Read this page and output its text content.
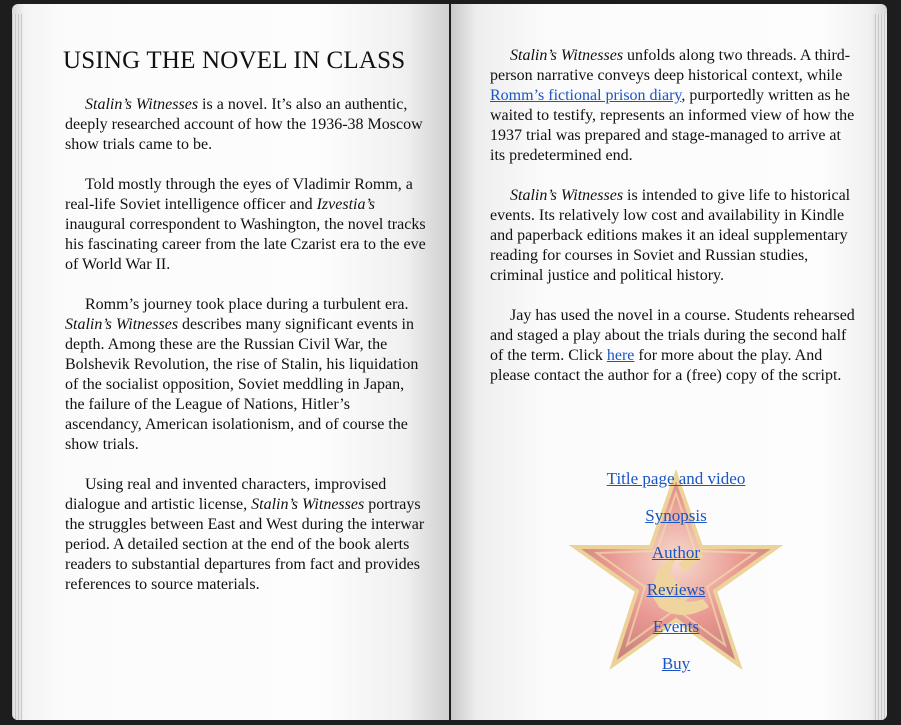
USING THE NOVEL IN CLASS

Stalin’s Witnesses is a novel. It’s also an authentic, deeply researched account of how the 1936-38 Moscow show trials came to be.

Told mostly through the eyes of Vladimir Romm, a real-life Soviet intelligence officer and Izvestia’s inaugural correspondent to Washington, the novel tracks his fascinating career from the late Czarist era to the eve of World War II.

Romm’s journey took place during a turbulent era. Stalin’s Witnesses describes many significant events in depth. Among these are the Russian Civil War, the Bolshevik Revolution, the rise of Stalin, his liquidation of the socialist opposition, Soviet meddling in Japan, the failure of the League of Nations, Hitler’s ascendancy, American isolationism, and of course the show trials.

Using real and invented characters, improvised dialogue and artistic license, Stalin’s Witnesses portrays the struggles between East and West during the interwar period. A detailed section at the end of the book alerts readers to substantial departures from fact and provides references to source materials.

Stalin’s Witnesses unfolds along two threads. A third-person narrative conveys deep historical context, while Romm’s fictional prison diary, purportedly written as he waited to testify, represents an informed view of how the 1937 trial was prepared and stage-managed to arrive at its predetermined end.

Stalin’s Witnesses is intended to give life to historical events. Its relatively low cost and availability in Kindle and paperback editions makes it an ideal supplementary reading for courses in Soviet and Russian studies, criminal justice and political history.

Jay has used the novel in a course. Students rehearsed and staged a play about the trials during the second half of the term. Click here for more about the play. And please contact the author for a (free) copy of the script.

Title page and video
Synopsis
Author
Reviews
Events
Buy
